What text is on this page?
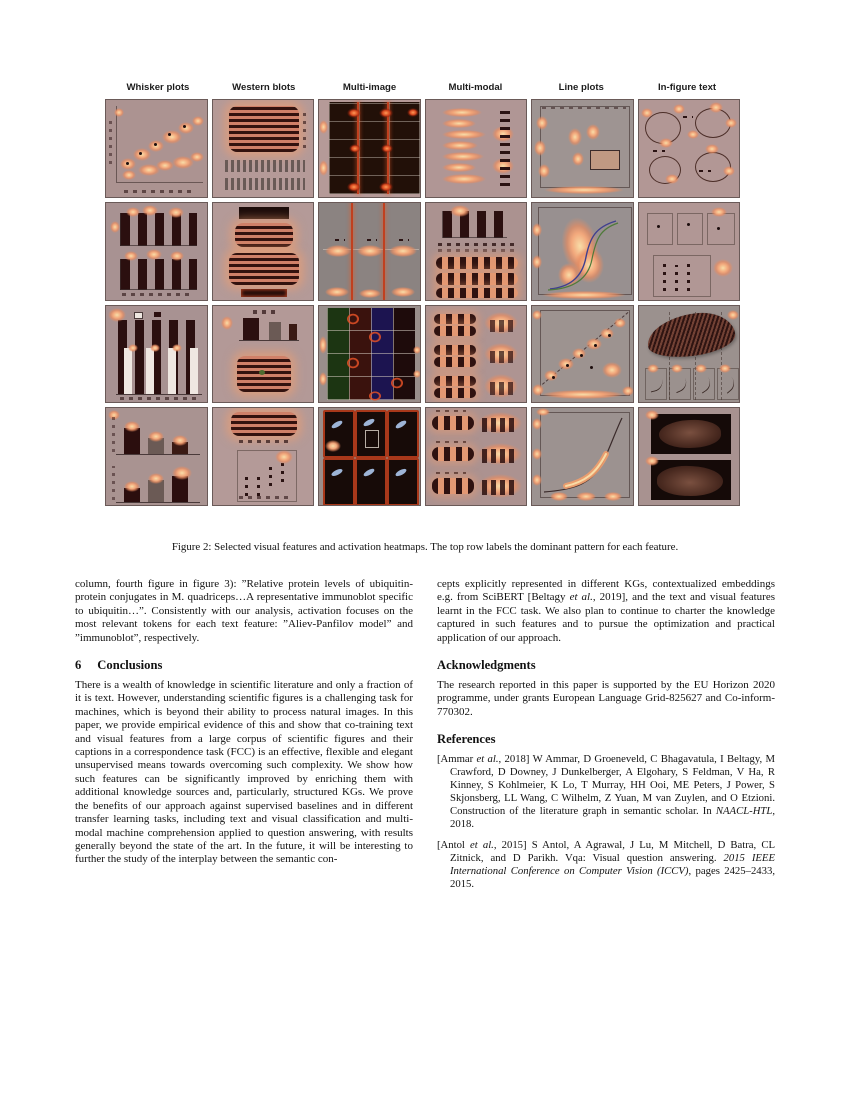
Whisker plots	Western blots	Multi-image	Multi-modal	Line plots	In-figure text
Figure 2: Selected visual features and activation heatmaps. The top row labels the dominant pattern for each feature.

column, fourth figure in figure 3): ”Relative protein levels of ubiquitin-protein conjugates in M. quadriceps…A representative immunoblot specific to ubiquitin…”. Consistently with our analysis, activation focuses on the most relevant tokens for each text feature: ”Aliev-Panfilov model” and ”immunoblot”, respectively.

6 Conclusions

There is a wealth of knowledge in scientific literature and only a fraction of it is text. However, understanding scientific figures is a challenging task for machines, which is beyond their ability to process natural images. In this paper, we provide empirical evidence of this and show that co-training text and visual features from a large corpus of scientific figures and their captions in a correspondence task (FCC) is an effective, flexible and elegant unsupervised means towards overcoming such complexity. We show how such features can be significantly improved by enriching them with additional knowledge sources and, particularly, structured KGs. We prove the benefits of our approach against supervised baselines and in different transfer learning tasks, including text and visual classification and multi-modal machine comprehension applied to question answering, with results generally beyond the state of the art. In the future, it will be interesting to further the study of the interplay between the semantic con-

cepts explicitly represented in different KGs, contextualized embeddings e.g. from SciBERT [Beltagy et al., 2019], and the text and visual features learnt in the FCC task. We also plan to continue to charter the knowledge captured in such features and to pursue the optimization and practical application of our approach.

Acknowledgments

The research reported in this paper is supported by the EU Horizon 2020 programme, under grants European Language Grid-825627 and Co-inform-770302.

References
[Ammar et al., 2018] W Ammar, D Groeneveld, C Bhagavatula, I Beltagy, M Crawford, D Downey, J Dunkelberger, A Elgohary, S Feldman, V Ha, R Kinney, S Kohlmeier, K Lo, T Murray, HH Ooi, ME Peters, J Power, S Skjonsberg, LL Wang, C Wilhelm, Z Yuan, M van Zuylen, and O Etzioni. Construction of the literature graph in semantic scholar. In NAACL-HTL, 2018.
[Antol et al., 2015] S Antol, A Agrawal, J Lu, M Mitchell, D Batra, CL Zitnick, and D Parikh. Vqa: Visual question answering. 2015 IEEE International Conference on Computer Vision (ICCV), pages 2425–2433, 2015.
